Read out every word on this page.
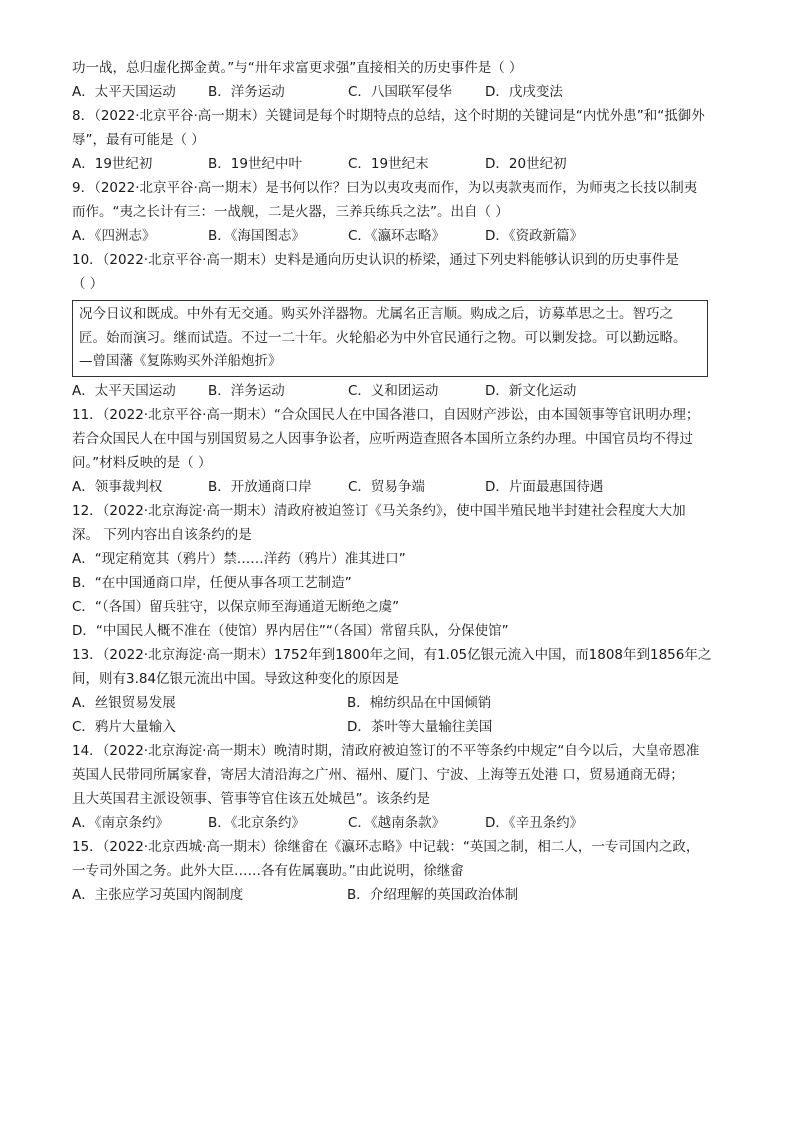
功一战，总归虚化掷金黄。”与“卅年求富更求强”直接相关的历史事件是（ ）
A．太平天国运动	B．洋务运动	C．八国联军侵华	D．戊戌变法
8．（2022·北京平谷·高一期末）关键词是每个时期特点的总结，这个时期的关键词是“内忧外患”和“抵御外
辱”，最有可能是（ ）
A．19世纪初	B．19世纪中叶	C．19世纪末	D．20世纪初
9．（2022·北京平谷·高一期末）是书何以作？曰为以夷攻夷而作，为以夷款夷而作，为师夷之长技以制夷
而作。“夷之长计有三：一战舰，二是火器，三养兵练兵之法”。出自（ ）
A．《四洲志》	B．《海国图志》	C．《瀛环志略》	D．《资政新篇》
10．（2022·北京平谷·高一期末）史料是通向历史认识的桥梁，通过下列史料能够认识到的历史事件是
（ ）
况今日议和既成。中外有无交通。购买外洋器物。尤属名正言顺。购成之后，访募革思之士。智巧之
匠。始而演习。继而试造。不过一二十年。火轮船必为中外官民通行之物。可以剿发捻。可以勤远略。
—曾国藩《复陈购买外洋船炮折》
A．太平天国运动	B．洋务运动	C．义和团运动	D．新文化运动
11．（2022·北京平谷·高一期末）“合众国民人在中国各港口，自因财产涉讼，由本国领事等官讯明办理；
若合众国民人在中国与别国贸易之人因事争讼者，应听两造查照各本国所立条约办理。中国官员均不得过
问。”材料反映的是（ ）
A．领事裁判权	B．开放通商口岸	C．贸易争端	D．片面最惠国待遇
12．（2022·北京海淀·高一期末）清政府被迫签订《马关条约》，使中国半殖民地半封建社会程度大大加
深。 下列内容出自该条约的是
A．“现定稍宽其（鸦片）禁……洋药（鸦片）准其进口”
B．“在中国通商口岸，任便从事各项工艺制造”
C．“（各国）留兵驻守，以保京师至海通道无断绝之虞”
D．“中国民人概不准在（使馆）界内居住”“（各国）常留兵队，分保使馆”
13．（2022·北京海淀·高一期末）1752年到1800年之间，有1.05亿银元流入中国，而1808年到1856年之
间，则有3.84亿银元流出中国。导致这种变化的原因是
A．丝银贸易发展	B．棉纺织品在中国倾销
C．鸦片大量输入	D．茶叶等大量输往美国
14．（2022·北京海淀·高一期末）晚清时期，清政府被迫签订的不平等条约中规定“自今以后，大皇帝恩准
英国人民带同所属家眷，寄居大清沿海之广州、福州、厦门、宁波、上海等五处港 口，贸易通商无碍；
且大英国君主派设领事、管事等官住该五处城邑”。该条约是
A．《南京条约》	B．《北京条约》	C．《越南条款》	D．《辛丑条约》
15．（2022·北京西城·高一期末）徐继畲在《瀛环志略》中记载：“英国之制，相二人，一专司国内之政，
一专司外国之务。此外大臣……各有佐属襄助。”由此说明，徐继畲
A．主张应学习英国内阁制度	B．介绍理解的英国政治体制
